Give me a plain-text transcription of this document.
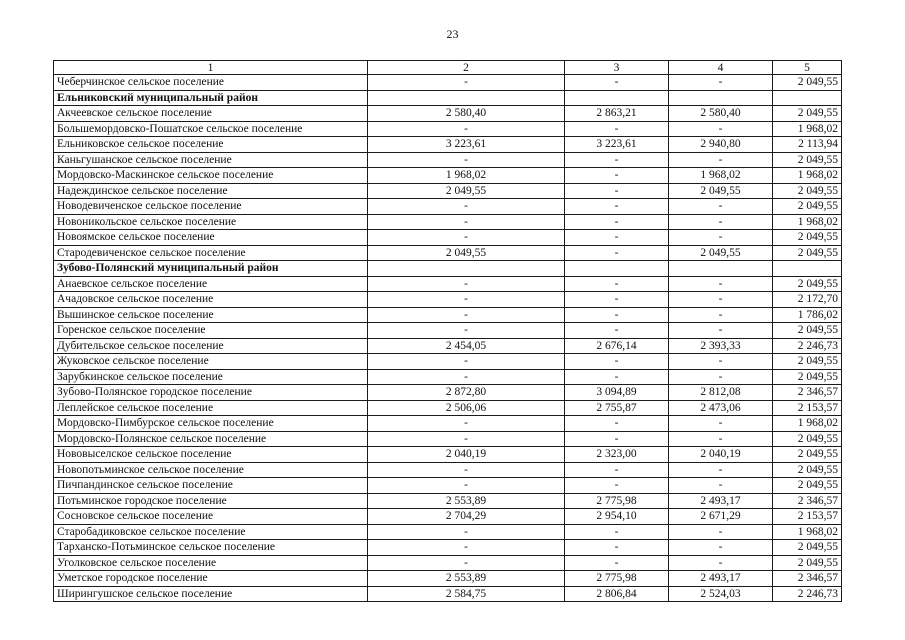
23
1	2	3	4	5
Чеберчинское сельское поселение	-	-	-	2 049,55
Ельниковский муниципальный район				
Акчеевское сельское поселение	2 580,40	2 863,21	2 580,40	2 049,55
Большемордовско-Пошатское сельское поселение	-	-	-	1 968,02
Ельниковское сельское поселение	3 223,61	3 223,61	2 940,80	2 113,94
Каньгушанское сельское поселение	-	-	-	2 049,55
Мордовско-Маскинское сельское поселение	1 968,02	-	1 968,02	1 968,02
Надеждинское сельское поселение	2 049,55	-	2 049,55	2 049,55
Новодевиченское сельское поселение	-	-	-	2 049,55
Новоникольское сельское поселение	-	-	-	1 968,02
Новоямское сельское поселение	-	-	-	2 049,55
Стародевиченское сельское поселение	2 049,55	-	2 049,55	2 049,55
Зубово-Полянский муниципальный район				
Анаевское сельское поселение	-	-	-	2 049,55
Ачадовское сельское поселение	-	-	-	2 172,70
Вышинское сельское поселение	-	-	-	1 786,02
Горенское сельское поселение	-	-	-	2 049,55
Дубительское сельское поселение	2 454,05	2 676,14	2 393,33	2 246,73
Жуковское сельское поселение	-	-	-	2 049,55
Зарубкинское сельское поселение	-	-	-	2 049,55
Зубово-Полянское городское поселение	2 872,80	3 094,89	2 812,08	2 346,57
Леплейское сельское поселение	2 506,06	2 755,87	2 473,06	2 153,57
Мордовско-Пимбурское сельское поселение	-	-	-	1 968,02
Мордовско-Полянское сельское поселение	-	-	-	2 049,55
Нововыселское сельское поселение	2 040,19	2 323,00	2 040,19	2 049,55
Новопотьминское сельское поселение	-	-	-	2 049,55
Пичпандинское сельское поселение	-	-	-	2 049,55
Потьминское городское поселение	2 553,89	2 775,98	2 493,17	2 346,57
Сосновское сельское поселение	2 704,29	2 954,10	2 671,29	2 153,57
Старобадиковское сельское поселение	-	-	-	1 968,02
Тарханско-Потьминское сельское поселение	-	-	-	2 049,55
Уголковское сельское поселение	-	-	-	2 049,55
Уметское городское поселение	2 553,89	2 775,98	2 493,17	2 346,57
Ширингушское сельское поселение	2 584,75	2 806,84	2 524,03	2 246,73
